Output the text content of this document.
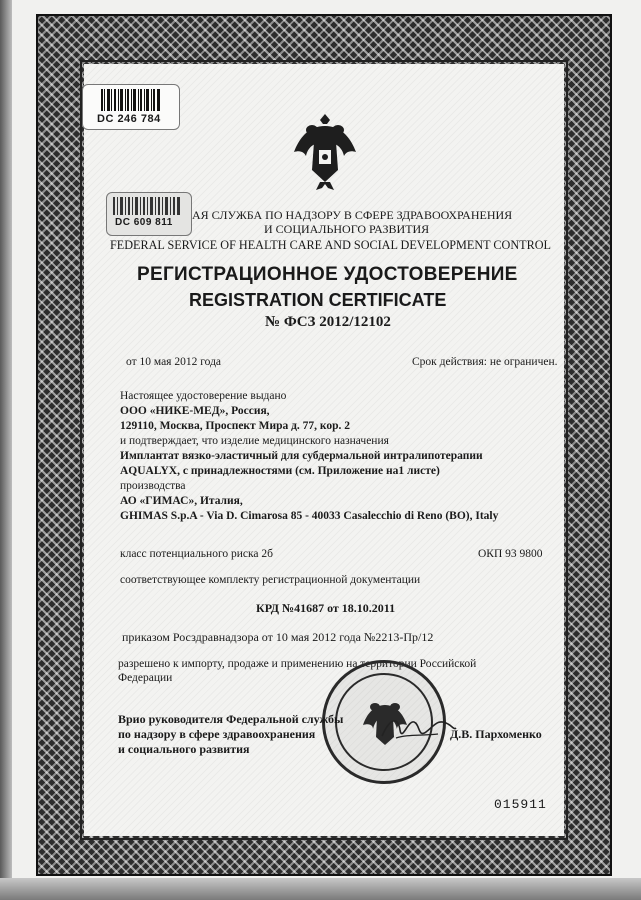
DC 246 784
DC 609 811
АЯ СЛУЖБА ПО НАДЗОРУ В СФЕРЕ ЗДРАВООХРАНЕНИЯ
И СОЦИАЛЬНОГО РАЗВИТИЯ
FEDERAL SERVICE OF HEALTH CARE AND SOCIAL DEVELOPMENT CONTROL
РЕГИСТРАЦИОННОЕ УДОСТОВЕРЕНИЕ
REGISTRATION CERTIFICATE
№ ФСЗ 2012/12102
от 10 мая 2012 года	Срок действия: не ограничен.
Настоящее удостоверение выдано
ООО «НИКЕ-МЕД», Россия,
129110, Москва, Проспект Мира д. 77, кор. 2
и подтверждает, что изделие медицинского назначения
Имплантат вязко-эластичный для субдермальной интралипотерапии
AQUALYX, с принадлежностями (см. Приложение на1 листе)
производства
АО «ГИМАС», Италия,
GHIMAS S.p.A - Via D. Cimarosa 85 - 40033 Casalecchio di Reno (BO), Italy
класс потенциального риска 2б	ОКП 93 9800
соответствующее комплекту регистрационной документации
КРД №41687 от 18.10.2011
приказом Росздравнадзора от 10 мая 2012 года №2213-Пр/12
разрешено к импорту, продаже и применению на территории Российской
Федерации
Врио руководителя Федеральной службы
по надзору в сфере здравоохранения
и социального развития
Д.В. Пархоменко
015911
